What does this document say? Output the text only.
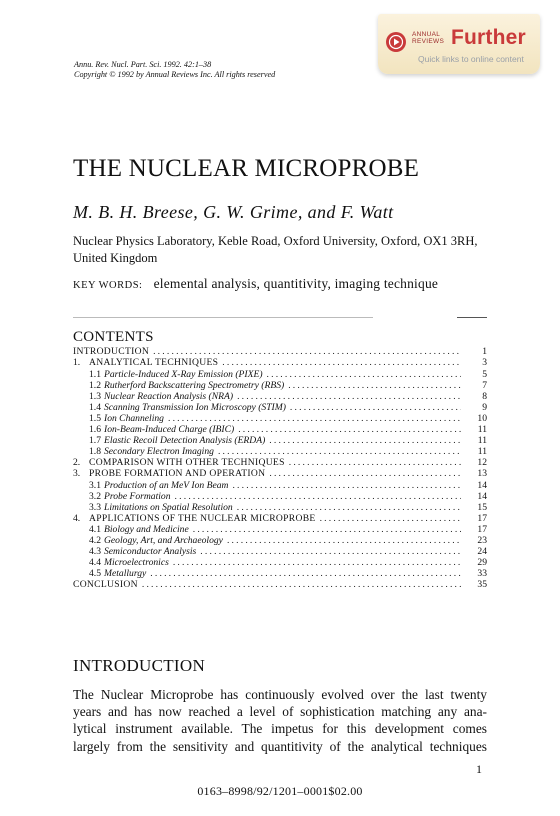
ANNUAL
REVIEWS Further
Quick links to online content
Annu. Rev. Nucl. Part. Sci. 1992. 42:1–38
Copyright © 1992 by Annual Reviews Inc. All rights reserved
THE NUCLEAR MICROPROBE
M. B. H. Breese, G. W. Grime, and F. Watt
Nuclear Physics Laboratory, Keble Road, Oxford University, Oxford, OX1 3RH, United Kingdom
KEY WORDS: elemental analysis, quantitivity, imaging technique
CONTENTS
INTRODUCTION .....	1
1. ANALYTICAL TECHNIQUES .....	3
1.1 Particle-Induced X-Ray Emission (PIXE) .....	5
1.2 Rutherford Backscattering Spectrometry (RBS) .....	7
1.3 Nuclear Reaction Analysis (NRA) .....	8
1.4 Scanning Transmission Ion Microscopy (STIM) .....	9
1.5 Ion Channeling .....	10
1.6 Ion-Beam-Induced Charge (IBIC) .....	11
1.7 Elastic Recoil Detection Analysis (ERDA) .....	11
1.8 Secondary Electron Imaging .....	11
2. COMPARISON WITH OTHER TECHNIQUES .....	12
3. PROBE FORMATION AND OPERATION .....	13
3.1 Production of an MeV Ion Beam .....	14
3.2 Probe Formation .....	14
3.3 Limitations on Spatial Resolution .....	15
4. APPLICATIONS OF THE NUCLEAR MICROPROBE .....	17
4.1 Biology and Medicine .....	17
4.2 Geology, Art, and Archaeology .....	23
4.3 Semiconductor Analysis .....	24
4.4 Microelectronics .....	29
4.5 Metallurgy .....	33
CONCLUSION .....	35
INTRODUCTION
The Nuclear Microprobe has continuously evolved over the last twenty
years and has now reached a level of sophistication matching any ana-
lytical instrument available. The impetus for this development comes
largely from the sensitivity and quantitivity of the analytical techniques
1
0163–8998/92/1201–0001$02.00
